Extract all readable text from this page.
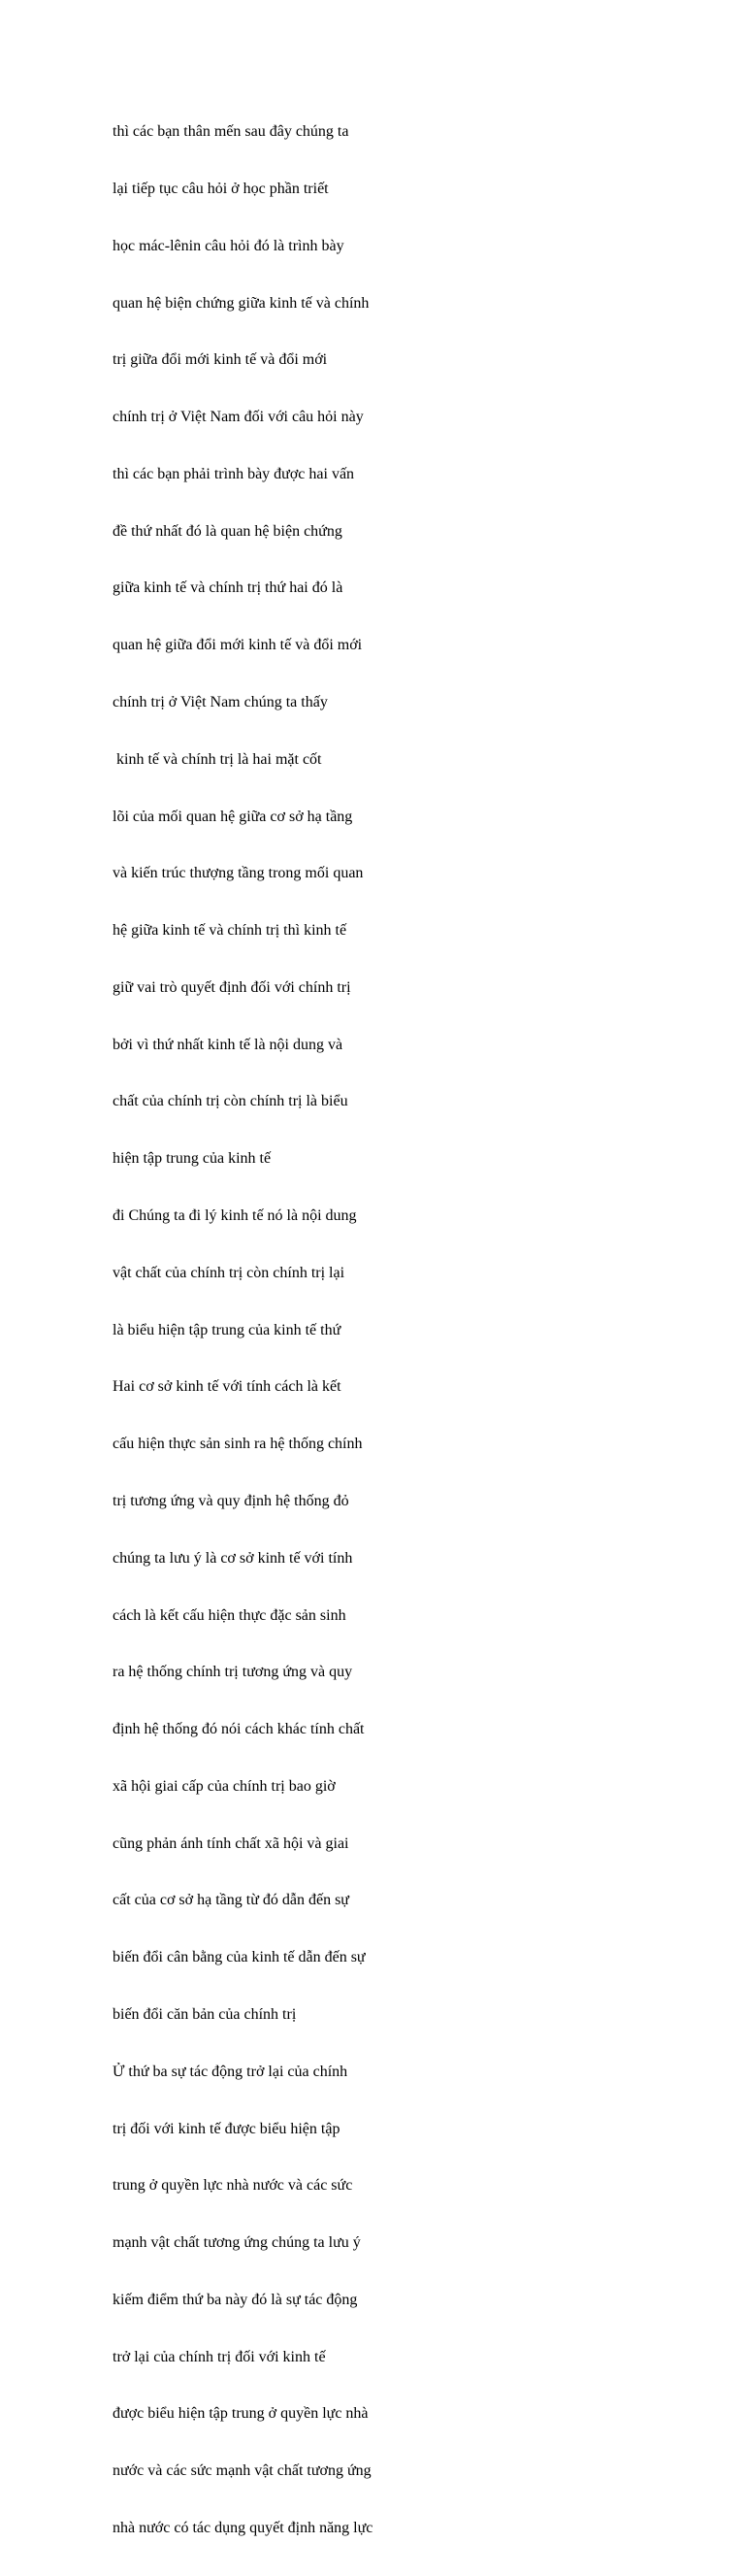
thì các bạn thân mến sau đây chúng ta

lại tiếp tục câu hỏi ở học phần triết

học mác-lênin câu hỏi đó là trình bày

quan hệ biện chứng giữa kinh tế và chính

trị giữa đổi mới kinh tế và đổi mới

chính trị ở Việt Nam đối với câu hỏi này

thì các bạn phải trình bày được hai vấn

đề thứ nhất đó là quan hệ biện chứng

giữa kinh tế và chính trị thứ hai đó là

quan hệ giữa đổi mới kinh tế và đổi mới

chính trị ở Việt Nam chúng ta thấy

kinh tế và chính trị là hai mặt cốt

lõi của mối quan hệ giữa cơ sở hạ tầng

và kiến trúc thượng tầng trong mối quan

hệ giữa kinh tế và chính trị thì kinh tế

giữ vai trò quyết định đối với chính trị

bởi vì thứ nhất kinh tế là nội dung và

chất của chính trị còn chính trị là biểu

hiện tập trung của kinh tế

đi Chúng ta đi lý kinh tế nó là nội dung

vật chất của chính trị còn chính trị lại

là biểu hiện tập trung của kinh tế thứ

Hai cơ sở kinh tế với tính cách là kết

cấu hiện thực sản sinh ra hệ thống chính

trị tương ứng và quy định hệ thống đỏ

chúng ta lưu ý là cơ sở kinh tế với tính

cách là kết cấu hiện thực đặc sản sinh

ra hệ thống chính trị tương ứng và quy

định hệ thống đó nói cách khác tính chất

xã hội giai cấp của chính trị bao giờ

cũng phản ánh tính chất xã hội và giai

cất của cơ sở hạ tầng từ đó dẫn đến sự

biến đổi cân bằng của kinh tế dẫn đến sự

biến đổi căn bản của chính trị

Ử thứ ba sự tác động trở lại của chính

trị đối với kinh tế được biểu hiện tập

trung ở quyền lực nhà nước và các sức

mạnh vật chất tương ứng chúng ta lưu ý

kiếm điểm thứ ba này đó là sự tác động

trở lại của chính trị đối với kinh tế

được biểu hiện tập trung ở quyền lực nhà

nước và các sức mạnh vật chất tương ứng

nhà nước có tác dụng quyết định năng lực
